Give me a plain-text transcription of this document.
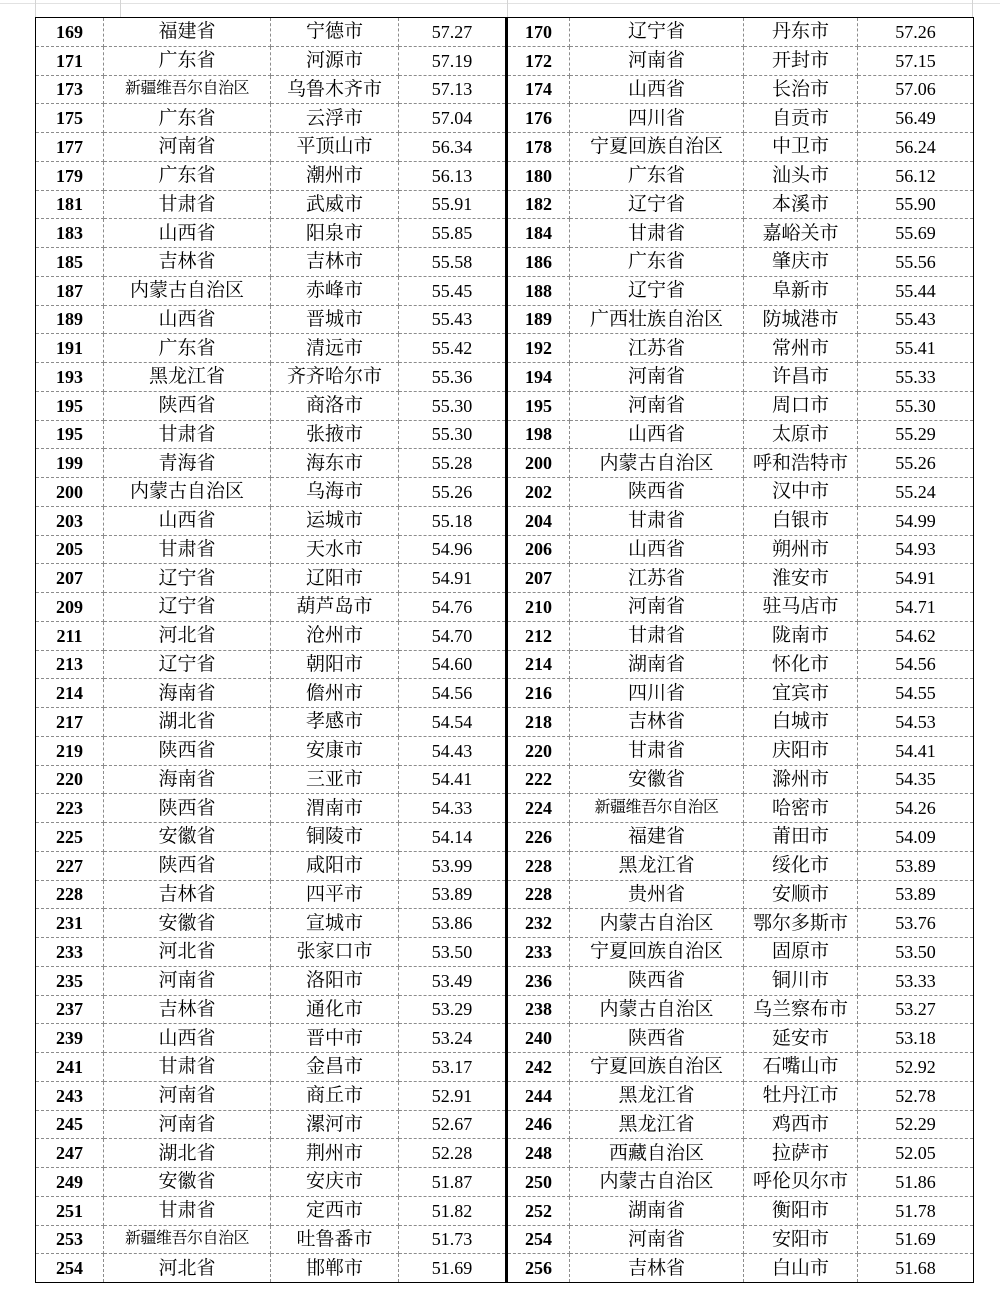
169	福建省	宁德市	57.27	170	辽宁省	丹东市	57.26
171	广东省	河源市	57.19	172	河南省	开封市	57.15
173	新疆维吾尔自治区	乌鲁木齐市	57.13	174	山西省	长治市	57.06
175	广东省	云浮市	57.04	176	四川省	自贡市	56.49
177	河南省	平顶山市	56.34	178	宁夏回族自治区	中卫市	56.24
179	广东省	潮州市	56.13	180	广东省	汕头市	56.12
181	甘肃省	武威市	55.91	182	辽宁省	本溪市	55.90
183	山西省	阳泉市	55.85	184	甘肃省	嘉峪关市	55.69
185	吉林省	吉林市	55.58	186	广东省	肇庆市	55.56
187	内蒙古自治区	赤峰市	55.45	188	辽宁省	阜新市	55.44
189	山西省	晋城市	55.43	189	广西壮族自治区	防城港市	55.43
191	广东省	清远市	55.42	192	江苏省	常州市	55.41
193	黑龙江省	齐齐哈尔市	55.36	194	河南省	许昌市	55.33
195	陕西省	商洛市	55.30	195	河南省	周口市	55.30
195	甘肃省	张掖市	55.30	198	山西省	太原市	55.29
199	青海省	海东市	55.28	200	内蒙古自治区	呼和浩特市	55.26
200	内蒙古自治区	乌海市	55.26	202	陕西省	汉中市	55.24
203	山西省	运城市	55.18	204	甘肃省	白银市	54.99
205	甘肃省	天水市	54.96	206	山西省	朔州市	54.93
207	辽宁省	辽阳市	54.91	207	江苏省	淮安市	54.91
209	辽宁省	葫芦岛市	54.76	210	河南省	驻马店市	54.71
211	河北省	沧州市	54.70	212	甘肃省	陇南市	54.62
213	辽宁省	朝阳市	54.60	214	湖南省	怀化市	54.56
214	海南省	儋州市	54.56	216	四川省	宜宾市	54.55
217	湖北省	孝感市	54.54	218	吉林省	白城市	54.53
219	陕西省	安康市	54.43	220	甘肃省	庆阳市	54.41
220	海南省	三亚市	54.41	222	安徽省	滁州市	54.35
223	陕西省	渭南市	54.33	224	新疆维吾尔自治区	哈密市	54.26
225	安徽省	铜陵市	54.14	226	福建省	莆田市	54.09
227	陕西省	咸阳市	53.99	228	黑龙江省	绥化市	53.89
228	吉林省	四平市	53.89	228	贵州省	安顺市	53.89
231	安徽省	宣城市	53.86	232	内蒙古自治区	鄂尔多斯市	53.76
233	河北省	张家口市	53.50	233	宁夏回族自治区	固原市	53.50
235	河南省	洛阳市	53.49	236	陕西省	铜川市	53.33
237	吉林省	通化市	53.29	238	内蒙古自治区	乌兰察布市	53.27
239	山西省	晋中市	53.24	240	陕西省	延安市	53.18
241	甘肃省	金昌市	53.17	242	宁夏回族自治区	石嘴山市	52.92
243	河南省	商丘市	52.91	244	黑龙江省	牡丹江市	52.78
245	河南省	漯河市	52.67	246	黑龙江省	鸡西市	52.29
247	湖北省	荆州市	52.28	248	西藏自治区	拉萨市	52.05
249	安徽省	安庆市	51.87	250	内蒙古自治区	呼伦贝尔市	51.86
251	甘肃省	定西市	51.82	252	湖南省	衡阳市	51.78
253	新疆维吾尔自治区	吐鲁番市	51.73	254	河南省	安阳市	51.69
254	河北省	邯郸市	51.69	256	吉林省	白山市	51.68
